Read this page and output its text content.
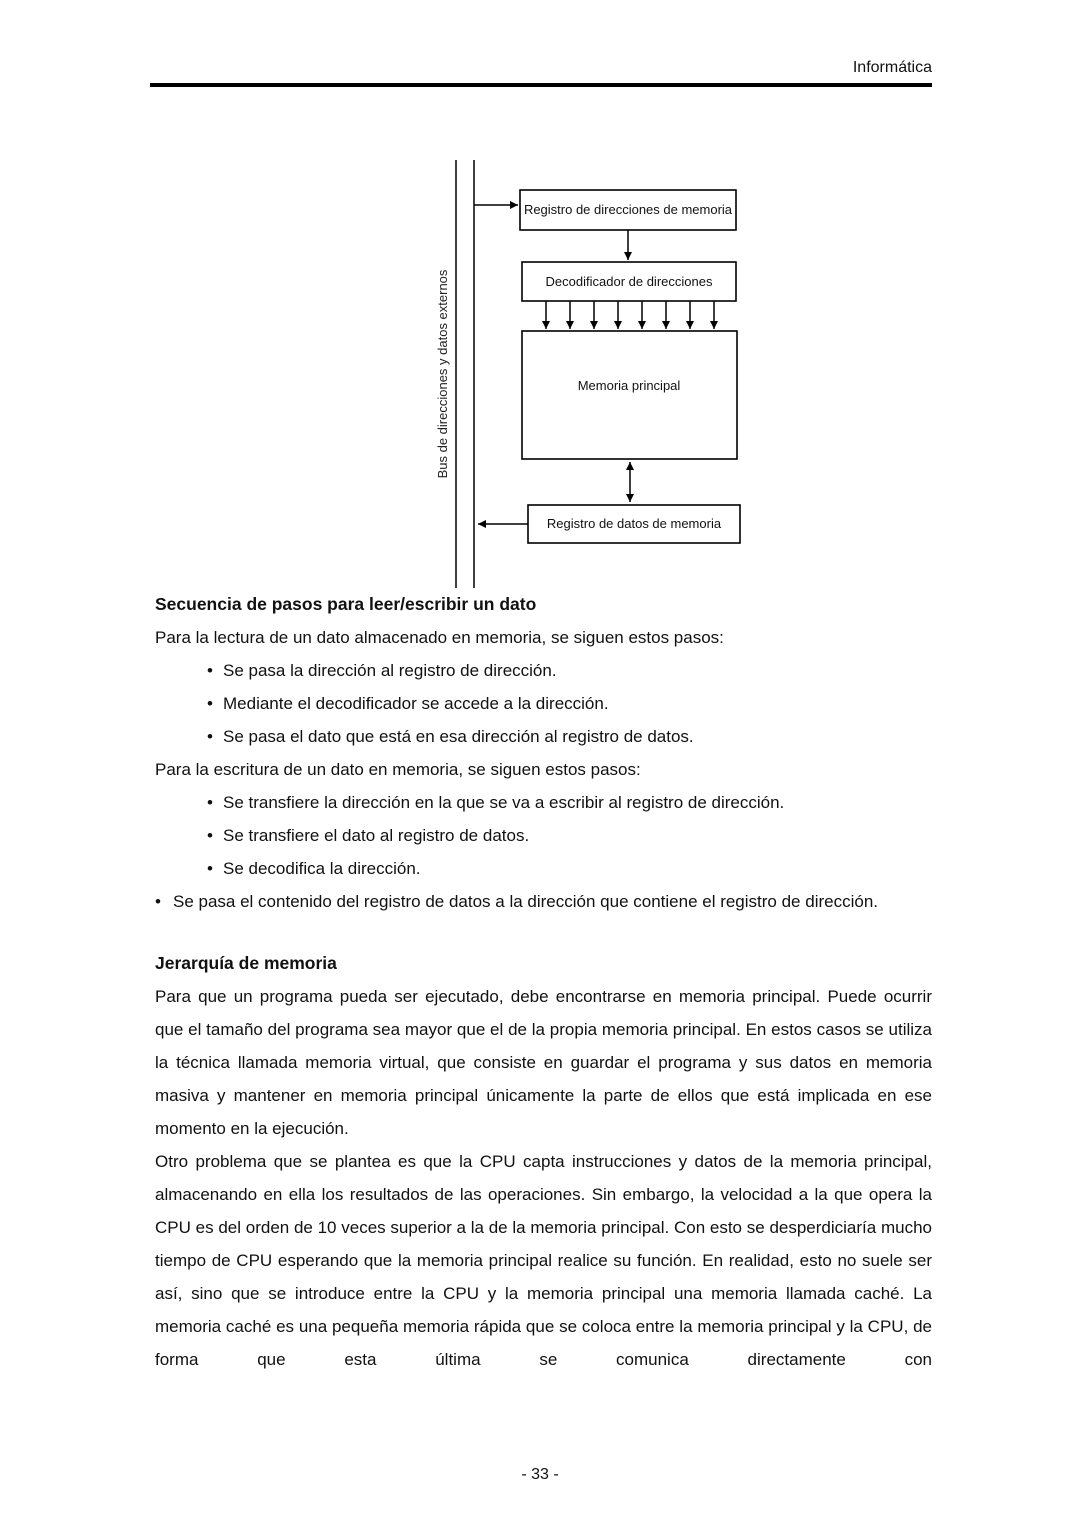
Informática
Registro de direcciones de memoria
Decodificador de direcciones
Memoria principal
Registro de datos de memoria
Bus de direcciones y datos externos
Secuencia de pasos para leer/escribir un dato

Para la lectura de un dato almacenado en memoria, se siguen estos pasos:

• Se pasa la dirección al registro de dirección.
• Mediante el decodificador se accede a la dirección.
• Se pasa el dato que está en esa dirección al registro de datos.

Para la escritura de un dato en memoria, se siguen estos pasos:

• Se transfiere la dirección en la que se va a escribir al registro de dirección.
• Se transfiere el dato al registro de datos.
• Se decodifica la dirección.

• Se pasa el contenido del registro de datos a la dirección que contiene el registro de dirección.

Jerarquía de memoria

Para que un programa pueda ser ejecutado, debe encontrarse en memoria principal. Puede ocurrir que el tamaño del programa sea mayor que el de la propia memoria principal. En estos casos se utiliza la técnica llamada memoria virtual, que consiste en guardar el programa y sus datos en memoria masiva y mantener en memoria principal únicamente la parte de ellos que está implicada en ese momento en la ejecución.

Otro problema que se plantea es que la CPU capta instrucciones y datos de la memoria principal, almacenando en ella los resultados de las operaciones. Sin embargo, la velocidad a la que opera la CPU es del orden de 10 veces superior a la de la memoria principal. Con esto se desperdiciaría mucho tiempo de CPU esperando que la memoria principal realice su función. En realidad, esto no suele ser así, sino que se introduce entre la CPU y la memoria principal una memoria llamada caché. La memoria caché es una pequeña memoria rápida que se coloca entre la memoria principal y la CPU, de forma que esta última se comunica directamente con

- 33 -
